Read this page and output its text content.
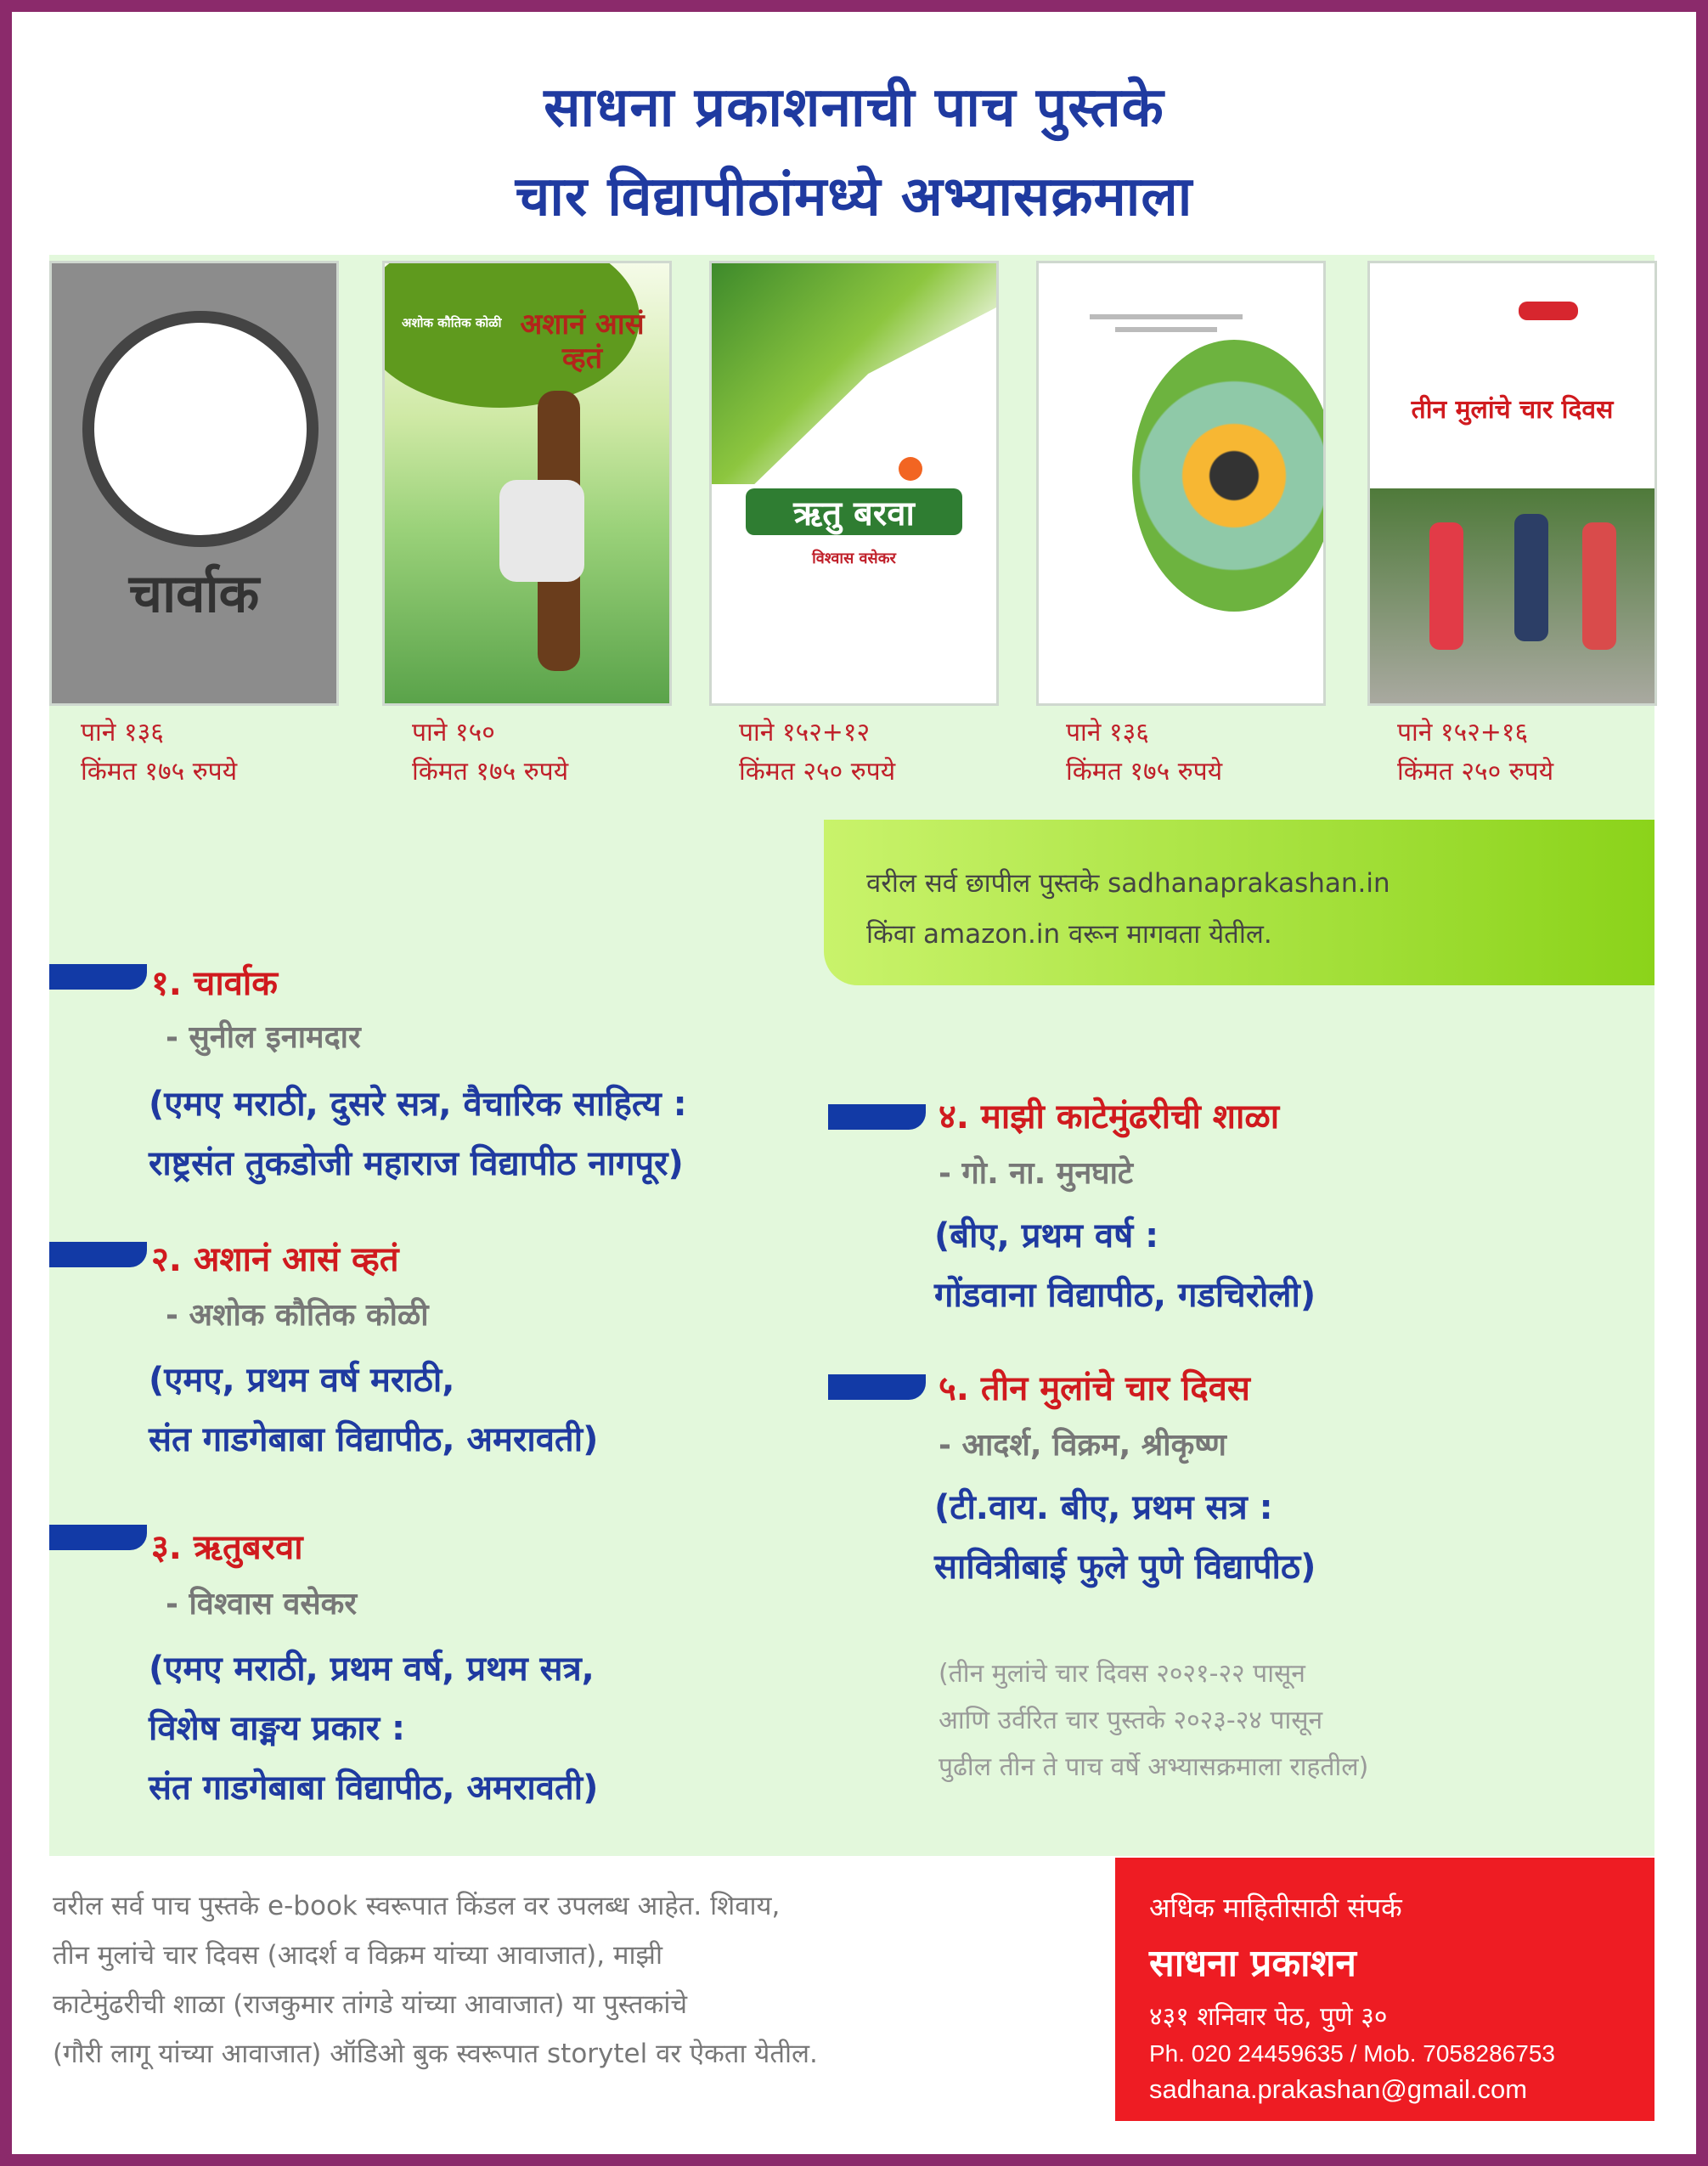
साधना प्रकाशनाची पाच पुस्तके
चार विद्यापीठांमध्ये अभ्यासक्रमाला
चार्वाक
अशानं आसं व्हतं
अशोक कौतिक कोळी
ऋतु बरवा
विश्वास वसेकर
तीन मुलांचे चार दिवस
पाने १३६
किंमत १७५ रुपये
पाने १५०
किंमत १७५ रुपये
पाने १५२+१२
किंमत २५० रुपये
पाने १३६
किंमत १७५ रुपये
पाने १५२+१६
किंमत २५० रुपये
वरील सर्व छापील पुस्तके sadhanaprakashan.in
किंवा amazon.in वरून मागवता येतील.
१. चार्वाक
- सुनील इनामदार
(एमए मराठी, दुसरे सत्र, वैचारिक साहित्य :
राष्ट्रसंत तुकडोजी महाराज विद्यापीठ नागपूर)
२. अशानं आसं व्हतं
- अशोक कौतिक कोळी
(एमए, प्रथम वर्ष मराठी,
संत गाडगेबाबा विद्यापीठ, अमरावती)
३. ऋतुबरवा
- विश्वास वसेकर
(एमए मराठी, प्रथम वर्ष, प्रथम सत्र,
विशेष वाङ्मय प्रकार :
संत गाडगेबाबा विद्यापीठ, अमरावती)
४. माझी काटेमुंढरीची शाळा
- गो. ना. मुनघाटे
(बीए, प्रथम वर्ष :
गोंडवाना विद्यापीठ, गडचिरोली)
५. तीन मुलांचे चार दिवस
- आदर्श, विक्रम, श्रीकृष्ण
(टी.वाय. बीए, प्रथम सत्र :
सावित्रीबाई फुले पुणे विद्यापीठ)
(तीन मुलांचे चार दिवस २०२१-२२ पासून
आणि उर्वरित चार पुस्तके २०२३-२४ पासून
पुढील तीन ते पाच वर्षे अभ्यासक्रमाला राहतील)
वरील सर्व पाच पुस्तके e-book स्वरूपात किंडल वर उपलब्ध आहेत. शिवाय,
तीन मुलांचे चार दिवस (आदर्श व विक्रम यांच्या आवाजात), माझी
काटेमुंढरीची शाळा (राजकुमार तांगडे यांच्या आवाजात) या पुस्तकांचे
(गौरी लागू यांच्या आवाजात) ऑडिओ बुक स्वरूपात storytel वर ऐकता येतील.
अधिक माहितीसाठी संपर्क
साधना प्रकाशन
४३१ शनिवार पेठ, पुणे ३०
Ph. 020 24459635 / Mob. 7058286753
sadhana.prakashan@gmail.com
